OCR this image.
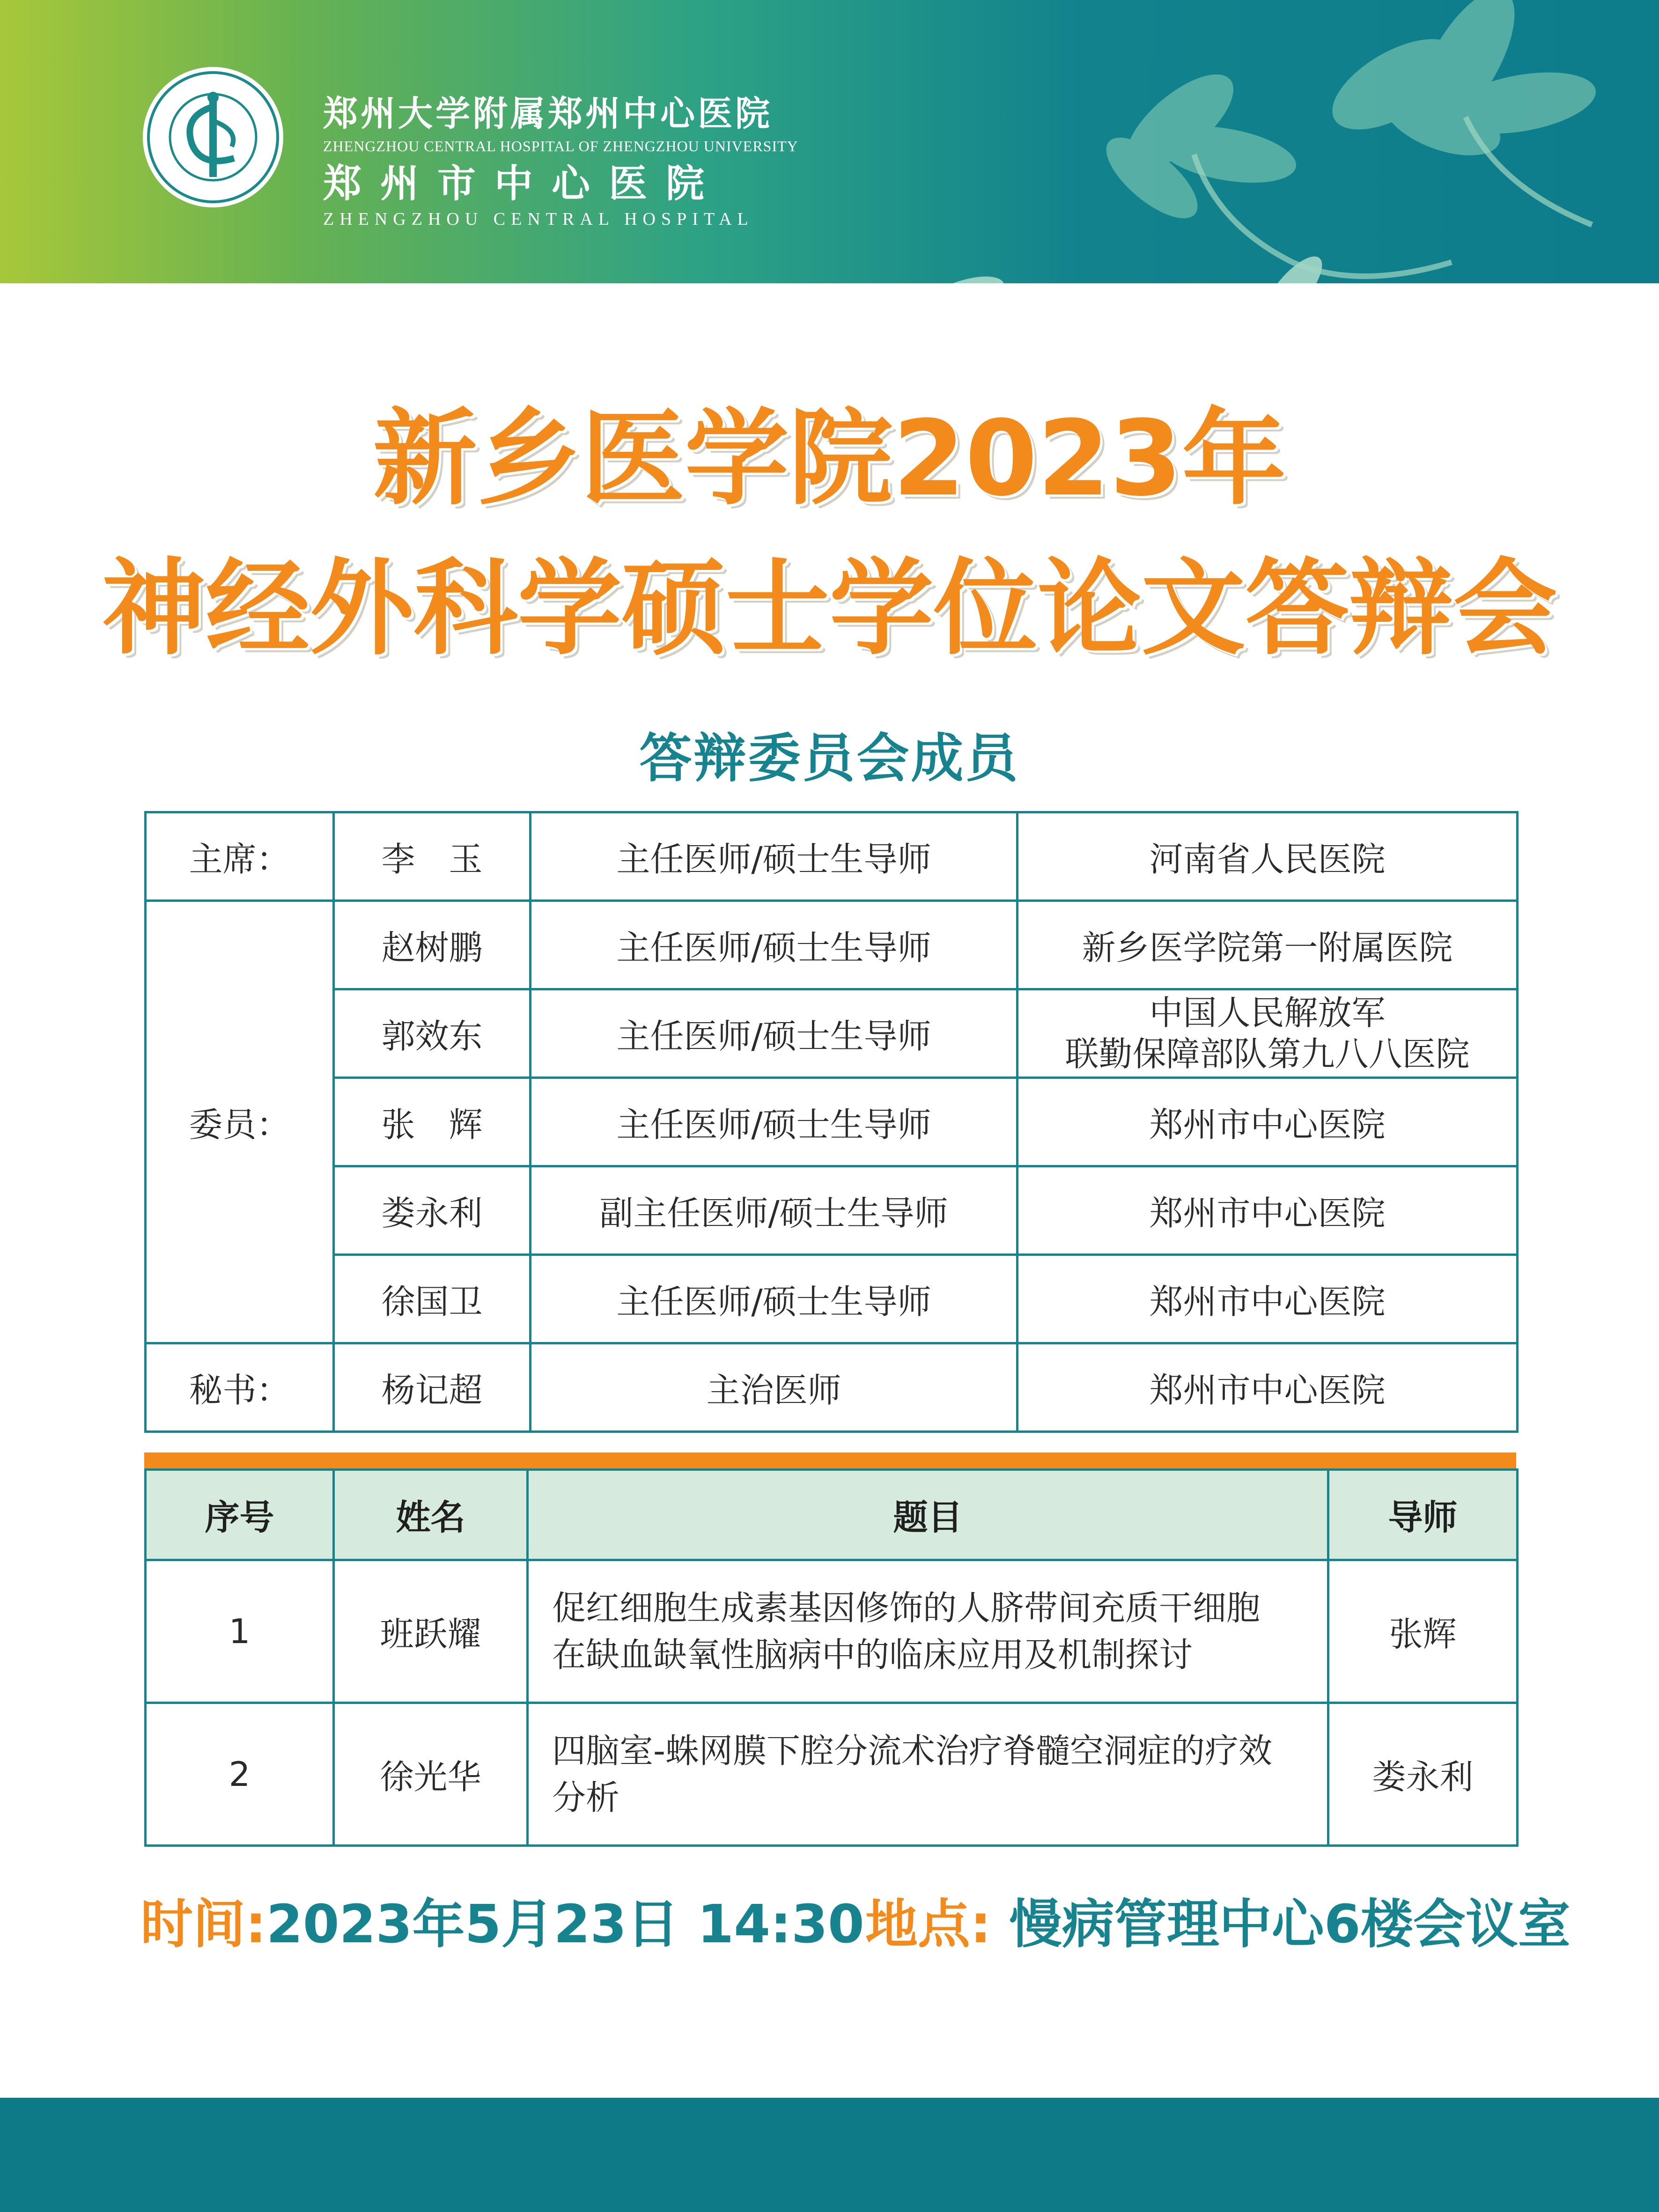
郑州大学附属郑州中心医院
ZHENGZHOU CENTRAL HOSPITAL OF ZHENGZHOU UNIVERSITY
郑州市中心医院
ZHENGZHOU CENTRAL HOSPITAL
新乡医学院2023年
神经外科学硕士学位论文答辩会
答辩委员会成员
主席：	李　玉	主任医师/硕士生导师	河南省人民医院
委员：	赵树鹏	主任医师/硕士生导师	新乡医学院第一附属医院
	郭效东	主任医师/硕士生导师	中国人民解放军
联勤保障部队第九八八医院

	张　辉	主任医师/硕士生导师	郑州市中心医院
	娄永利	副主任医师/硕士生导师	郑州市中心医院
	徐国卫	主任医师/硕士生导师	郑州市中心医院
秘书：	杨记超	主治医师	郑州市中心医院
序号	姓名	题目	导师
1	班跃耀	促红细胞生成素基因修饰的人脐带间充质干细胞
在缺血缺氧性脑病中的临床应用及机制探讨	张辉
2	徐光华	四脑室-蛛网膜下腔分流术治疗脊髓空洞症的疗效
分析	娄永利
时间:2023年5月23日 14:30 地点: 慢病管理中心6楼会议室
